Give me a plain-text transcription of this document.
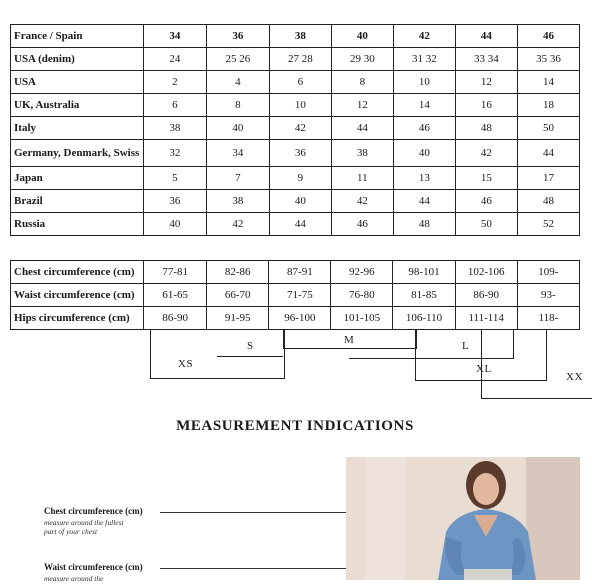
France / Spain	34	36	38	40	42	44	46
USA (denim)	24	25 26	27 28	29 30	31 32	33 34	35 36
USA	2	4	6	8	10	12	14
UK, Australia	6	8	10	12	14	16	18
Italy	38	40	42	44	46	48	50
Germany, Denmark, Swiss	32	34	36	38	40	42	44
Japan	5	7	9	11	13	15	17
Brazil	36	38	40	42	44	46	48
Russia	40	42	44	46	48	50	52
Chest circumference (cm)	77-81	82-86	87-91	92-96	98-101	102-106	109-
Waist circumference (cm)	61-65	66-70	71-75	76-80	81-85	86-90	93-
Hips circumference (cm)	86-90	91-95	96-100	101-105	106-110	111-114	118-
XS
S	M	L
XL
XX
MEASUREMENT INDICATIONS
Chest circumference (cm)
measure around the fullest
part of your chest
Waist circumference (cm)
measure around the
